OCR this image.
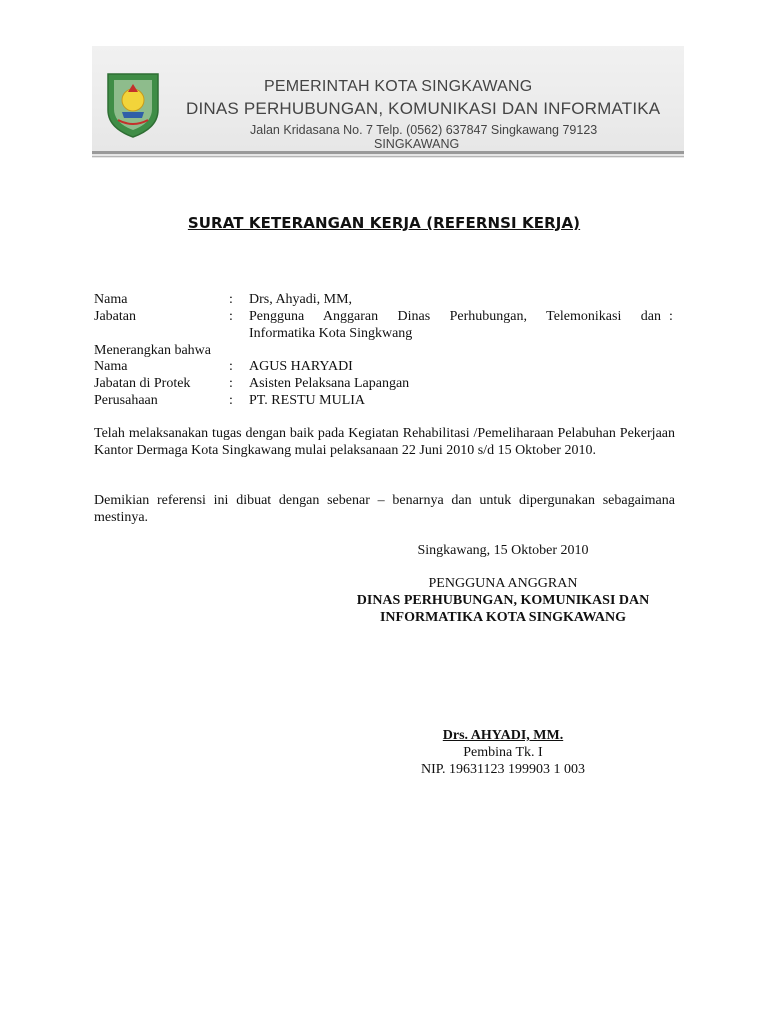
PEMERINTAH KOTA SINGKAWANG
DINAS PERHUBUNGAN, KOMUNIKASI DAN INFORMATIKA
Jalan Kridasana No. 7 Telp. (0562) 637847 Singkawang 79123
SINGKAWANG
SURAT KETERANGAN KERJA (REFERNSI KERJA)
Nama	: Drs, Ahyadi, MM,
Jabatan	: Pengguna Anggaran Dinas Perhubungan, Telemonikasi dan :
Informatika Kota Singkwang
Menerangkan bahwa
Nama	: AGUS HARYADI
Jabatan di Protek	: Asisten Pelaksana Lapangan
Perusahaan	: PT. RESTU MULIA
Telah melaksanakan tugas dengan baik pada Kegiatan Rehabilitasi /Pemeliharaan Pelabuhan Pekerjaan Kantor Dermaga Kota Singkawang mulai pelaksanaan 22 Juni 2010 s/d 15 Oktober 2010.
Demikian referensi ini dibuat dengan sebenar – benarnya dan untuk dipergunakan sebagaimana mestinya.
Singkawang, 15 Oktober 2010
PENGGUNA ANGGRAN
DINAS PERHUBUNGAN, KOMUNIKASI DAN
INFORMATIKA KOTA SINGKAWANG
Drs. AHYADI, MM.
Pembina Tk. I
NIP. 19631123 199903 1 003
